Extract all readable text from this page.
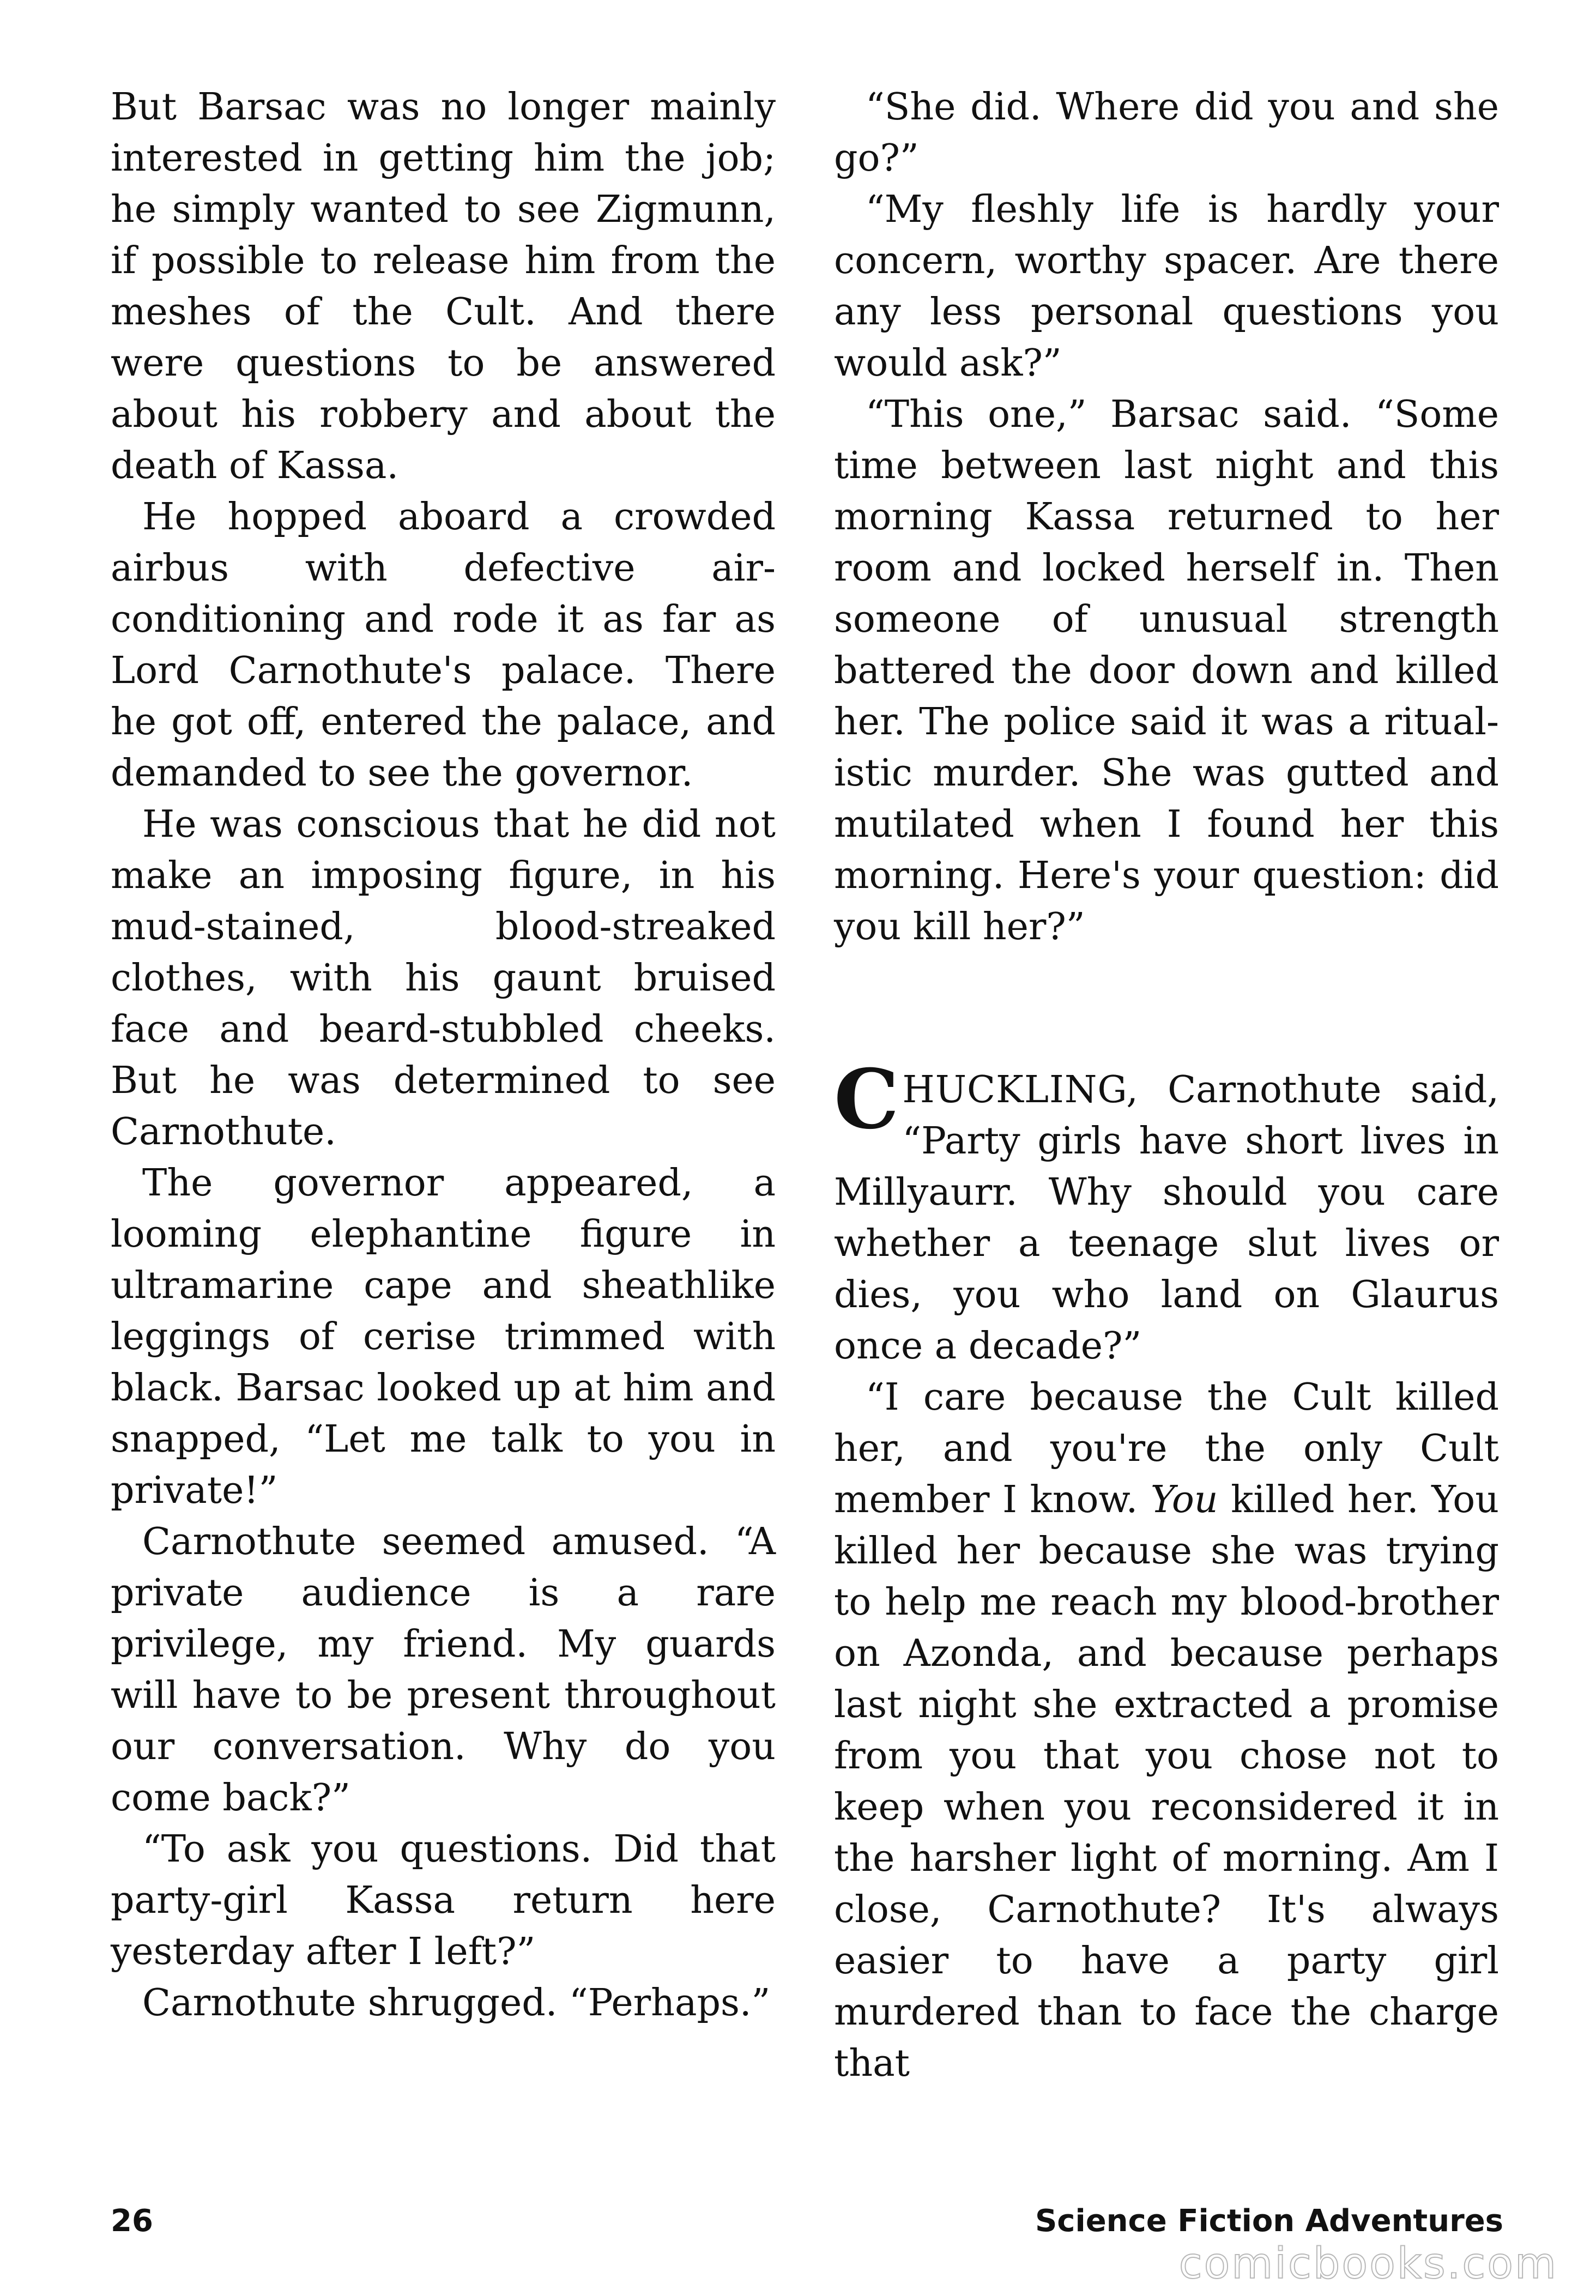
But Barsac was no longer mainly interested in getting him the job; he simply wanted to see Zigmunn, if possible to release him from the meshes of the Cult. And there were questions to be answered about his robbery and about the death of Kassa.

He hopped aboard a crowded airbus with defective airconditioning and rode it as far as Lord Carnothute's palace. There he got off, entered the palace, and demanded to see the governor.

He was conscious that he did not make an imposing figure, in his mud-stained, blood-streaked clothes, with his gaunt bruised face and beard-stubbled cheeks. But he was determined to see Carnothute.

The governor appeared, a looming elephantine figure in ultramarine cape and sheathlike leggings of cerise trimmed with black. Barsac looked up at him and snapped, “Let me talk to you in private!”

Carnothute seemed amused. “A private audience is a rare privilege, my friend. My guards will have to be present throughout our conversation. Why do you come back?”

“To ask you questions. Did that party-girl Kassa return here yesterday after I left?”

Carnothute shrugged. “Perhaps.”

“She did. Where did you and she go?”

“My fleshly life is hardly your concern, worthy spacer. Are there any less personal questions you would ask?”

“This one,” Barsac said. “Some time between last night and this morning Kassa returned to her room and locked herself in. Then someone of unusual strength battered the door down and killed her. The police said it was a ritualistic murder. She was gutted and mutilated when I found her this morning. Here's your question: did you kill her?”

CHUCKLING, Carnothute said, “Party girls have short lives in Millyaurr. Why should you care whether a teenage slut lives or dies, you who land on Glaurus once a decade?”

“I care because the Cult killed her, and you're the only Cult member I know. You killed her. You killed her because she was trying to help me reach my blood-brother on Azonda, and because perhaps last night she extracted a promise from you that you chose not to keep when you reconsidered it in the harsher light of morning. Am I close, Carnothute? It's always easier to have a party girl murdered than to face the charge that

26	Science Fiction Adventures
comicbooks.com
